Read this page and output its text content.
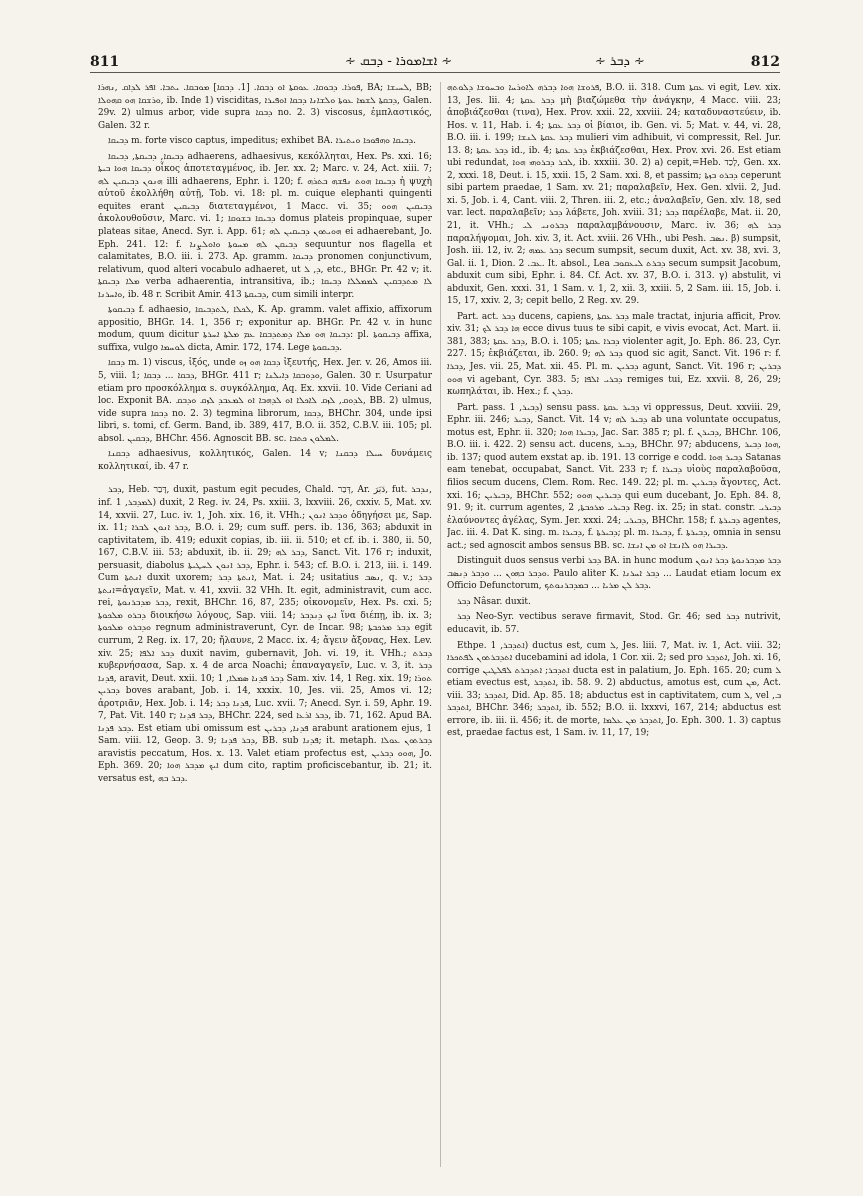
811	∻ ܐܫܐܡܘܪܐ - ܕܒܩ ∻	∻ ܕܒܪ ∻	812

ܦܘܪܐ. ܕܒܘܩܐ. ܥܘܩܬܐ ܐܘ ܕܒܩܐ. [1. ܕܒܩܐ] ܡܘܒܩܐ. ܝܬܒܐ. ܐܦܪ ܠܕܐܩ ,ܢܗܪܐ, BA; ܠܚܝܫܐ, BB; ܘܪܫܩܐ ܗܘ ܩܗܘܠܐ, ib. Inde 1) visciditas, ܕܒܩܬܐ ܠܫܡܐ ܥܘܬܐ ܘܠܫܐܢܐ ܕܒܩܐ ܐܘܦܝܪܐ, Galen. 29v. 2) ulmus arbor, vide supra ܕܒܩܐ no. 2. 3) viscosus, ἐμπλαστικός, Galen. 32 r.

ܕܒܝܩܐ m. forte visco captus, impeditus; exhibet BA. ܕܒܝܩܐ ܘܗܦܘܟܐ ܘܝܬܝܪܐ.

ܕܒܝܩܐ, ܕܒܝܩܬܐ, ܕܒܝܩܐ adhaerens, adhaesivus, κεκόλληται, Hex. Ps. xxi. 16; ܕܒܝܩܐ ܗܘܐ ܒܝܬܐ οἶκος ἀποτεταγμένος, ib. Jer. xx. 2; Marc. v. 24, Act. xiii. 7; ܗܢܘܢ ܕܒܝܩܝܢ ܠܗ illi adhaerens, Ephr. i. 120; f. ܕܒܝܩܐ ܗܘܬ ܢܦܫܗ ܒܬܪܗ ἡ ψυχὴ αὐτοῦ ἐκολλήθη αὐτῇ, Tob. vi. 18: pl. m. cuique elephanti quingenti equites erant ܕܒܝܩܝܢ διατεταγμένοι, 1 Macc. vi. 35; ܕܒܝܩܝܢ ܗܘܘ ἀκολουθοῦσιν, Marc. vi. 1; ܕܒܝܩܐ ܒܫܘܩܐ domus plateis propinquae, super plateas sitae, Anecd. Syr. i. App. 61; ܗܘܝܬܘܢ ܕܒܝܩܝܢ ܠܗ ei adhaerebant, Jo. Eph. 241. 12: f. ܕܒܝܩܢ ܠܗ ܡܚܘܬܐ ܘܐܘܠܨܢܐ sequuntur nos flagella et calamitates, B.O. iii. i. 273. Ap. gramm. ܕܒܝܩܐ pronomen conjunctivum, relativum, quod alteri vocabulo adhaeret, ut ܕ, ܠ, etc., BHGr. Pr. 42 v; it. ܡܠܐ ܕܒܝܩܬܐ verba adhaerentia, intransitiva, ib.; ܠܐ ܡܬܕܒܩܝܢ ܠܡܡܠܠܐ ܕܒܝܩܐ ܘܐܚܪܢܐ, ib. 48 r. Scribit Amir. 413 ܕܒܝܩܬܐ, cum simili interpr.

ܕܒܝܩܘܬܐ f. adhaesio, ܠܟܠܐ ,ܠܬܕܒܝܩܐ, K. Ap. gramm. valet affixio, affixorum appositio, BHGr. 14. 1, 356 r; exponitur ap. BHGr. Pr. 42 v. in hunc modum, quum dicitur ܕܒܝܩܐ ܗܘ ܡܠܐ ܕܡܬܕܒܩܐ ܥܡ ܡܠܬܐ ܐܚܪܬܐ: pl. ܕܒܝܩܘܬܐ affixa, suffixa, vulgo ܠܘܚܡܐ dicta, Amir. 172, 174. Lege ܕܒܝܩܘܬܐ.

ܕܒܩܐ m. 1) viscus, ἰξός, unde ܕܒܩܐ ܗܘ ܙܘ ἰξευτής, Hex. Jer. v. 26, Amos iii. 5, viii. 1; ܕܒܩܐ ... ܕܒܩܐ, BHGr. 411 r; ܘܕܘܒܩܐ ܕܐܝܠܢܐ, Galen. 30 r. Usurpatur etiam pro προσκόλλημα s. συγκόλλημα, Aq. Ex. xxvii. 10. Vide Ceriani ad loc. Exponit BA. ܠܕܘܩ, ܠܙܩ ܠܐܟܠܐ ܐܘ ܠܕܗܒܐ ܐܘ ܠܡܥܒܕ ܠܙܩ ܘܕܒܩ, BB. 2) ulmus, vide supra ܕܒܩܐ no. 2. 3) tegmina librorum, ܕܒܩܐ, BHChr. 304, unde ipsi libri, s. tomi, cf. Germ. Band, ib. 389, 417, B.O. ii. 352, C.B.V. iii. 105; pl. absol. ܕܒܩܝܢ, BHChr. 456. Agnoscit BB. sc. ܠܡܠܘܢ ܟܬܒܐ.

ܕܒܩܢܐ adhaesivus, κολλητικός, Galen. 14 v; ܚܝܠܐ ܕܒܩܢܐ δυνάμεις κολλητικαί, ib. 47 r.

ܕܒܪ, Heb. דָּבַר, duxit, pastum egit pecudes, Chald. דְּבַר, Ar. دَبَرَ, fut. ܢܕܒܪ, inf. ܠܡܕܒܪ, 1) duxit, 2 Reg. iv. 24, Ps. xxiii. 3, lxxviii. 26, cxxiv. 5, Mat. xv. 14, xxvii. 27, Luc. iv. 1, Joh. xix. 16, it. VHh.; ܘܕܒܪ ܐܢܘܢ ὁδηγήσει με, Sap. ix. 11; ܕܒܪ ܐܢܘܢ ܠܒܪܐ, B.O. i. 29; cum suff. pers. ib. 136, 363; abduxit in captivitatem, ib. 419; eduxit copias, ib. iii. ii. 510; et cf. ib. i. 380, ii. 50, 167, C.B.V. iii. 53; abduxit, ib. ii. 29; ܕܒܪ ܠܗ, Sanct. Vit. 176 r; induxit, persuasit, diabolus ܕܒܪ ܐܢܘܢ ܠܚܛܝܬܐ, Ephr. i. 543; cf. B.O. i. 213, iii. i. 149. Cum ܐܢܬܬܐ duxit uxorem; ܐܢܬܬܐ ܕܒܪ, Mat. i. 24; usitatius ܢܣܒ, q. v.; ܕܒܪ ܐܢܬܬܐ=ἀγαγεῖν, Mat. v. 41, xxvii. 32 VHh. It. egit, administravit, cum acc. rei, ܕܒܪ ܡܕܒܪܢܘܬܐ, rexit, BHChr. 16, 87, 235; οἰκονομεῖν, Hex. Ps. cxi. 5; ܕܒܪܘ ܡܠܟܘܬܐ διοικήσω λόγους, Sap. viii. 14; ܐܝܟ ܕܢܕܒܪ ἵνα διέπῃ, ib. ix. 3; ܘܕܒܪܘ ܡܠܟܘܬܐ regnum administraverunt, Cyr. de Incar. 98; ܕܒܪ ܡܪܟܒܬܐ egit currum, 2 Reg. ix. 17, 20; ἤλαυνε, 2 Macc. ix. 4; ἄγειν ἄξονας, Hex. Lev. xiv. 25; ܕܒܪ ܐܠܦܐ duxit navim, gubernavit, Joh. vi. 19, it. VHh.; ܕܒܪܬ κυβερνήσασα, Sap. x. 4 de arca Noachi; ἐπαναγαγεῖν, Luc. v. 3, it. ܕܒܪ ܦܕܢܐ, aravit, Deut. xxii. 10; ܕܒܪ ܦܕܢܐ ܣܡܠܐ, 1 Sam. xiv. 14, 1 Reg. xix. 19; ܬܘܪܐ ܕܒܪܝܢ boves arabant, Job. i. 14, xxxix. 10, Jes. vii. 25, Amos vi. 12; ἀροτριᾶν, Hex. Job. i. 14; ܦܕܢܐ ܕܒܪ, Luc. xvii. 7; Anecd. Syr. i. 59, Aphr. 19. 7, Pat. Vit. 140 r; ܕܒܪ ܦܕܢܐ, BHChr. 224, sed ܕܒܪ ܐܪܥܐ, ib. 71, 162. Apud BA. ܕܒܪ ܦܕܢܐ. Est etiam ubi omissum est ܦܕܢܐ, ܕܒܪܝܢ arabunt arationem ejus, 1 Sam. viii. 12, Geop. 3. 9; ܕܒܪ ܦܕܢܐ, BB. sub ܦܕܢܐ; it. metaph. ܕܒܪܬܘܢ ܥܘܠܐ aravistis peccatum, Hos. x. 13. Valet etiam profectus est, ܗܘܘ ܕܒܪܝܢ, Jo. Eph. 369. 20; ܐܝܟ ܡܕܒܪ ܗܘܐ dum cito, raptim proficiscebantur, ib. 21; it. versatus est, ܕܒܪ ܒܗ.

ܦܪܘܫܐ ܗܘܐ ܕܒܪܗ ܠܐܘܪܚܐ ܘܒܚܘܫܐ ܕܠܘܬܗ, B.O. ii. 318. Cum ܥܩܬܐ vi egit, Lev. xix. 13, Jes. lii. 4; ܕܒܪ ܥܩܬܐ μὴ βιαζώμεθα τὴν ἀνάγκην, 4 Macc. viii. 23; ἀποβιάζεσθαι (τινα), Hex. Prov. xxii. 22, xxviii. 24; καταδυναστεύειν, ib. Hos. v. 11, Hab. i. 4; ܕܒܪ ܥܩܬܐ οἱ βίαιοι, ib. Gen. vi. 5; Mat. v. 44, vi. 28, B.O. iii. i. 199; ܕܒܪ ܥܩܬܐ ܠܢܫܐ mulieri vim adhibuit, vi compressit, Rel. Jur. 13. 8; ܕܒܪ ܥܩܬܐ id., ib. 4; ܕܒܪ ܥܩܬܐ ἐκβιάζεσθαι, Hex. Prov. xvi. 26. Est etiam ubi redundat, ܠܒܪ ܕܒܪܘܗܝ ܗܘܐ, ib. xxxiii. 30. 2) a) cepit,=Heb. לָכַד, Gen. xx. 2, xxxi. 18, Deut. i. 15, xxii. 15, 2 Sam. xxi. 8, et passim; ܕܒܪܘ ܒܙܬܐ ceperunt sibi partem praedae, 1 Sam. xv. 21; παραλαβεῖν, Hex. Gen. xlvii. 2, Jud. xi. 5, Job. i. 4, Cant. viii. 2, Thren. iii. 2, etc.; ἀναλαβεῖν, Gen. xlv. 18, sed var. lect. παραλαβεῖν; ܕܒܪ λάβετε, Joh. xviii. 31; ܕܒܪ παρέλαβε, Mat. ii. 20, 21, it. VHh.; ܕܒܪܘܢܝ ܠܝ παραλαμβάνουσιν, Marc. iv. 36; ܕܒܪ ܠܗ παραλήψομαι, Joh. xiv. 3, it. Act. xviii. 26 VHh., ubi Pesh. ܢܣܒ. β) sumpsit, Josh. iii. 12, iv. 2; ܕܒܪ ܥܡܗ secum sumpsit, secum duxit, Act. xv. 38, xvi. 3, Gal. ii. 1, Dion. ܥܒ. 2. It. absol., Lea ܕܒܪܬ ܠܝܥܩܘܒ secum sumpsit Jacobum, abduxit cum sibi, Ephr. i. 84. Cf. Act. xv. 37, B.O. i. 313. γ) abstulit, vi abduxit, Gen. xxxi. 31, 1 Sam. v. 1, 2, xii. 3, xxiii. 5, 2 Sam. iii. 15, Job. i. 15, 17, xxiv. 2, 3; cepit bello, 2 Reg. xv. 29.

Part. act. ܕܒܪ ducens, capiens, ܕܒܪ ܥܩܬܐ male tractat, injuria afficit, Prov. xiv. 31; ܗܐ ܕܒܪ ܠܟ ecce divus tuus te sibi capit, e vivis evocat, Act. Mart. ii. 381, 383; ܕܒܪ ܥܩܬܐ, B.O. i. 105; ܕܒܪܐ ܥܩܬܐ violenter agit, Jo. Eph. 86. 23, Cyr. 227. 15; ἐκβιάζεται, ib. 260. 9; ܕܒܪ ܠܗ quod sic agit, Sanct. Vit. 196 r: f. ܕܒܪܐ, Jes. vii. 25, Mat. xii. 45. Pl. m. ܕܒܪܝܢ agunt, Sanct. Vit. 196 r; ܕܒܪܝܢ ܗܘܘ vi agebant, Cyr. 383. 5; ܕܒܪܝ ܐܠܦܐ remiges tui, Ez. xxvii. 8, 26, 29; κωπηλάται, ib. Hex.; f. ܕܒܪܢ.

Part. pass. ܕܒܝܪ, 1) sensu pass. ܕܒܝܪ ܥܩܬܐ vi oppressus, Deut. xxviii. 29, Ephr. iii. 246; ܕܒܝܪ, Sanct. Vit. 14 v; ܕܒܝܪ ܠܗ ab una voluntate occupatus, motus est, Ephr. ii. 320; ܕܒܝܪܐ ܗܘܐ, Jac. Sar. 385 r; pl. f. ܕܒܝܪܢ, BHChr. 106, B.O. iii. i. 422. 2) sensu act. ducens, ܕܒܝܪ, BHChr. 97; abducens, ܗܘܐ ܕܒܝܪ, ib. 137; quod autem exstat ap. ib. 191. 13 corrige e codd. ܕܒܝܪ ܗܘܐ Satanas eam tenebat, occupabat, Sanct. Vit. 233 r; f. ܕܒܝܪܐ υἱοὺς παραλαβοῦσα, filios secum ducens, Clem. Rom. Rec. 149. 22; pl. m. ܕܒܝܪܝܢ ἄγοντες, Act. xxi. 16; ܕܒܝܪܝܢ, BHChr. 552; ܕܒܝܪܝܢ ܗܘܘ qui eum ducebant, Jo. Eph. 84. 8, 91. 9; it. currum agentes, ܕܒܝܪܝ ܡܪܟܒܬܐ, 2 Reg. ix. 25; in stat. constr. ܕܒܝܪܝ ἐλαύνοντες ἀγέλας, Sym. Jer. xxxi. 24; ܕܒܝܪܝ, BHChr. 158; f. ܕܒܝܪܬܐ agentes, Jac. iii. 4. Dat K. sing. m. ܕܒܝܪܐ, f. ܕܒܝܪܬܐ; pl. m. ܕܒܝܪܐ, f. ܕܒܝܪܬܐ, omnia in sensu act.; sed agnoscit ambos sensus BB. sc. ܕܒܝܪܐ ܗܘ ܠܐܢܫܐ ܐܘ ܡܢ ܐܢܫܐ.

Distinguit duos sensus verbi ܕܒܪ BA. in hunc modum ܕܒܪ ܡܕܒܪܢܘܬܐ ܕܒܪ ܐܢܘܢ ܘܕܒܪ ܒܗܘܢ ... ܘܕܒܪ ܕܢܣܒ. Paulo aliter K. ܕܒܪ ܐܚܪܢܐ ... Laudat etiam locum ex Officio Defunctorum, ܕܒܪ ܠܢ ܡܪܝܐ ... ܒܡܕܒܪܢܘܬܟ.

ܕܒܪ Nâsar. duxit.

ܕܒܪ Neo-Syr. vectibus serave firmavit, Stod. Gr. 46; sed ܕܒܪ nutrivit, educavit, ib. 57.

Ethpe. ܐܬܕܒܪ, 1) ductus est, cum ܠ, Jes. liii. 7, Mat. iv. 1, Act. viii. 32; ܐܬܕܒܪܬܘܢ ܠܦܬܟܪܐ ducebamini ad idola, 1 Cor. xii. 2; sed pro ܐܬܕܒܪ, Joh. xi. 16, corrige ܐܬܕܒܪ; ܐܬܕܒܪܬ ܠܦܠܛܝܢ ducta est in palatium, Jo. Eph. 165. 20; cum ܠ etiam evectus est, ܐܬܕܒܪ, ib. 58. 9. 2) abductus, amotus est, cum ܡܢ, Act. viii. 33; ܐܬܕܒܪ, Did. Ap. 85. 18; abductus est in captivitatem, cum ܠ, vel ܒ, ܐܬܕܒܪ, BHChr. 346; ܐܬܕܒܪ, ib. 552; B.O. ii. lxxxvi, 167, 214; abductus est errore, ib. iii. ii. 456; it. de morte, ܐܬܕܒܪ ܡܢ ܥܠܡܐ, Jo. Eph. 300. 1. 3) captus est, praedae factus est, 1 Sam. iv. 11, 17, 19;
